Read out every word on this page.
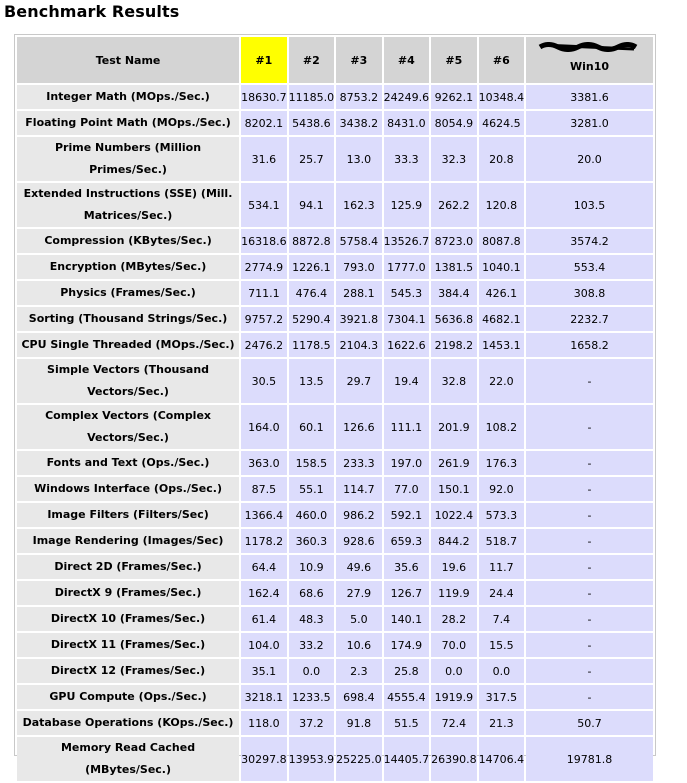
Benchmark Results
Test Name	#1	#2	#3	#4	#5	#6	Win10

Integer Math (MOps./Sec.)	18630.7	11185.0	8753.2	24249.6	9262.1	10348.4	3381.6
Floating Point Math (MOps./Sec.)	8202.1	5438.6	3438.2	8431.0	8054.9	4624.5	3281.0
Prime Numbers (Million Primes/Sec.)	31.6	25.7	13.0	33.3	32.3	20.8	20.0
Extended Instructions (SSE) (Mill. Matrices/Sec.)	534.1	94.1	162.3	125.9	262.2	120.8	103.5
Compression (KBytes/Sec.)	16318.6	8872.8	5758.4	13526.7	8723.0	8087.8	3574.2
Encryption (MBytes/Sec.)	2774.9	1226.1	793.0	1777.0	1381.5	1040.1	553.4
Physics (Frames/Sec.)	711.1	476.4	288.1	545.3	384.4	426.1	308.8
Sorting (Thousand Strings/Sec.)	9757.2	5290.4	3921.8	7304.1	5636.8	4682.1	2232.7
CPU Single Threaded (MOps./Sec.)	2476.2	1178.5	2104.3	1622.6	2198.2	1453.1	1658.2
Simple Vectors (Thousand Vectors/Sec.)	30.5	13.5	29.7	19.4	32.8	22.0	-
Complex Vectors (Complex Vectors/Sec.)	164.0	60.1	126.6	111.1	201.9	108.2	-
Fonts and Text (Ops./Sec.)	363.0	158.5	233.3	197.0	261.9	176.3	-
Windows Interface (Ops./Sec.)	87.5	55.1	114.7	77.0	150.1	92.0	-
Image Filters (Filters/Sec)	1366.4	460.0	986.2	592.1	1022.4	573.3	-
Image Rendering (Images/Sec)	1178.2	360.3	928.6	659.3	844.2	518.7	-
Direct 2D (Frames/Sec.)	64.4	10.9	49.6	35.6	19.6	11.7	-
DirectX 9 (Frames/Sec.)	162.4	68.6	27.9	126.7	119.9	24.4	-
DirectX 10 (Frames/Sec.)	61.4	48.3	5.0	140.1	28.2	7.4	-
DirectX 11 (Frames/Sec.)	104.0	33.2	10.6	174.9	70.0	15.5	-
DirectX 12 (Frames/Sec.)	35.1	0.0	2.3	25.8	0.0	0.0	-
GPU Compute (Ops./Sec.)	3218.1	1233.5	698.4	4555.4	1919.9	317.5	-
Database Operations (KOps./Sec.)	118.0	37.2	91.8	51.5	72.4	21.3	50.7
Memory Read Cached (MBytes/Sec.)	30297.8	13953.9	25225.0	14405.7	26390.8	14706.4	19781.8
